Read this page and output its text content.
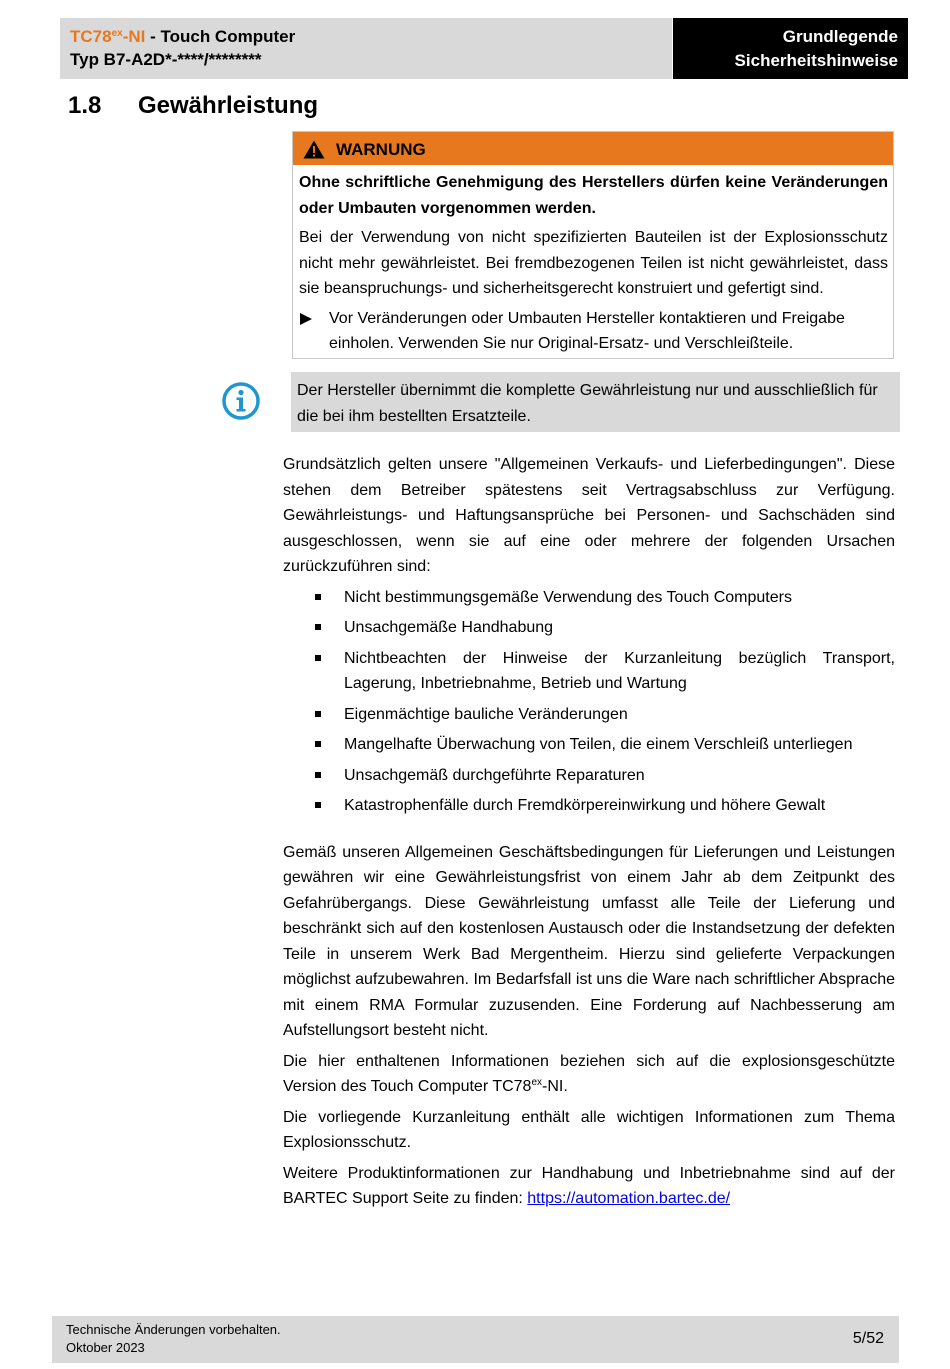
$TC78^{ex}-NI$ - Touch Computer
Typ B7-A2D*-****/********
Grundlegende
Sicherheitshinweise
1.8 Gewährleistung
WARNUNG

Ohne schriftliche Genehmigung des Herstellers dürfen keine Veränderungen oder Umbauten vorgenommen werden.

Bei der Verwendung von nicht spezifizierten Bauteilen ist der Explosionsschutz nicht mehr gewährleistet. Bei fremdbezogenen Teilen ist nicht gewährleistet, dass sie beanspruchungs- und sicherheitsgerecht konstruiert und gefertigt sind.

Vor Veränderungen oder Umbauten Hersteller kontaktieren und Freigabe einholen. Verwenden Sie nur Original-Ersatz- und Verschleißteile.

Der Hersteller übernimmt die komplette Gewährleistung nur und ausschließlich für die bei ihm bestellten Ersatzteile.

Grundsätzlich gelten unsere "Allgemeinen Verkaufs- und Lieferbedingungen". Diese stehen dem Betreiber spätestens seit Vertragsabschluss zur Verfügung. Gewährleistungs- und Haftungsansprüche bei Personen- und Sachschäden sind ausgeschlossen, wenn sie auf eine oder mehrere der folgenden Ursachen zurückzuführen sind:

Nicht bestimmungsgemäße Verwendung des Touch Computers
Unsachgemäße Handhabung
Nichtbeachten der Hinweise der Kurzanleitung bezüglich Transport, Lagerung, Inbetriebnahme, Betrieb und Wartung
Eigenmächtige bauliche Veränderungen
Mangelhafte Überwachung von Teilen, die einem Verschleiß unterliegen
Unsachgemäß durchgeführte Reparaturen
Katastrophenfälle durch Fremdkörpereinwirkung und höhere Gewalt

Gemäß unseren Allgemeinen Geschäftsbedingungen für Lieferungen und Leistungen gewähren wir eine Gewährleistungsfrist von einem Jahr ab dem Zeitpunkt des Gefahrübergangs. Diese Gewährleistung umfasst alle Teile der Lieferung und beschränkt sich auf den kostenlosen Austausch oder die Instandsetzung der defekten Teile in unserem Werk Bad Mergentheim. Hierzu sind gelieferte Verpackungen möglichst aufzubewahren. Im Bedarfsfall ist uns die Ware nach schriftlicher Absprache mit einem RMA Formular zuzusenden. Eine Forderung auf Nachbesserung am Aufstellungsort besteht nicht.

Die hier enthaltenen Informationen beziehen sich auf die explosionsgeschützte Version des Touch Computer $TC78^{ex}-NI$.

Die vorliegende Kurzanleitung enthält alle wichtigen Informationen zum Thema Explosionsschutz.

Weitere Produktinformationen zur Handhabung und Inbetriebnahme sind auf der BARTEC Support Seite zu finden: https://automation.bartec.de/

Technische Änderungen vorbehalten.
Oktober 2023
5/52
